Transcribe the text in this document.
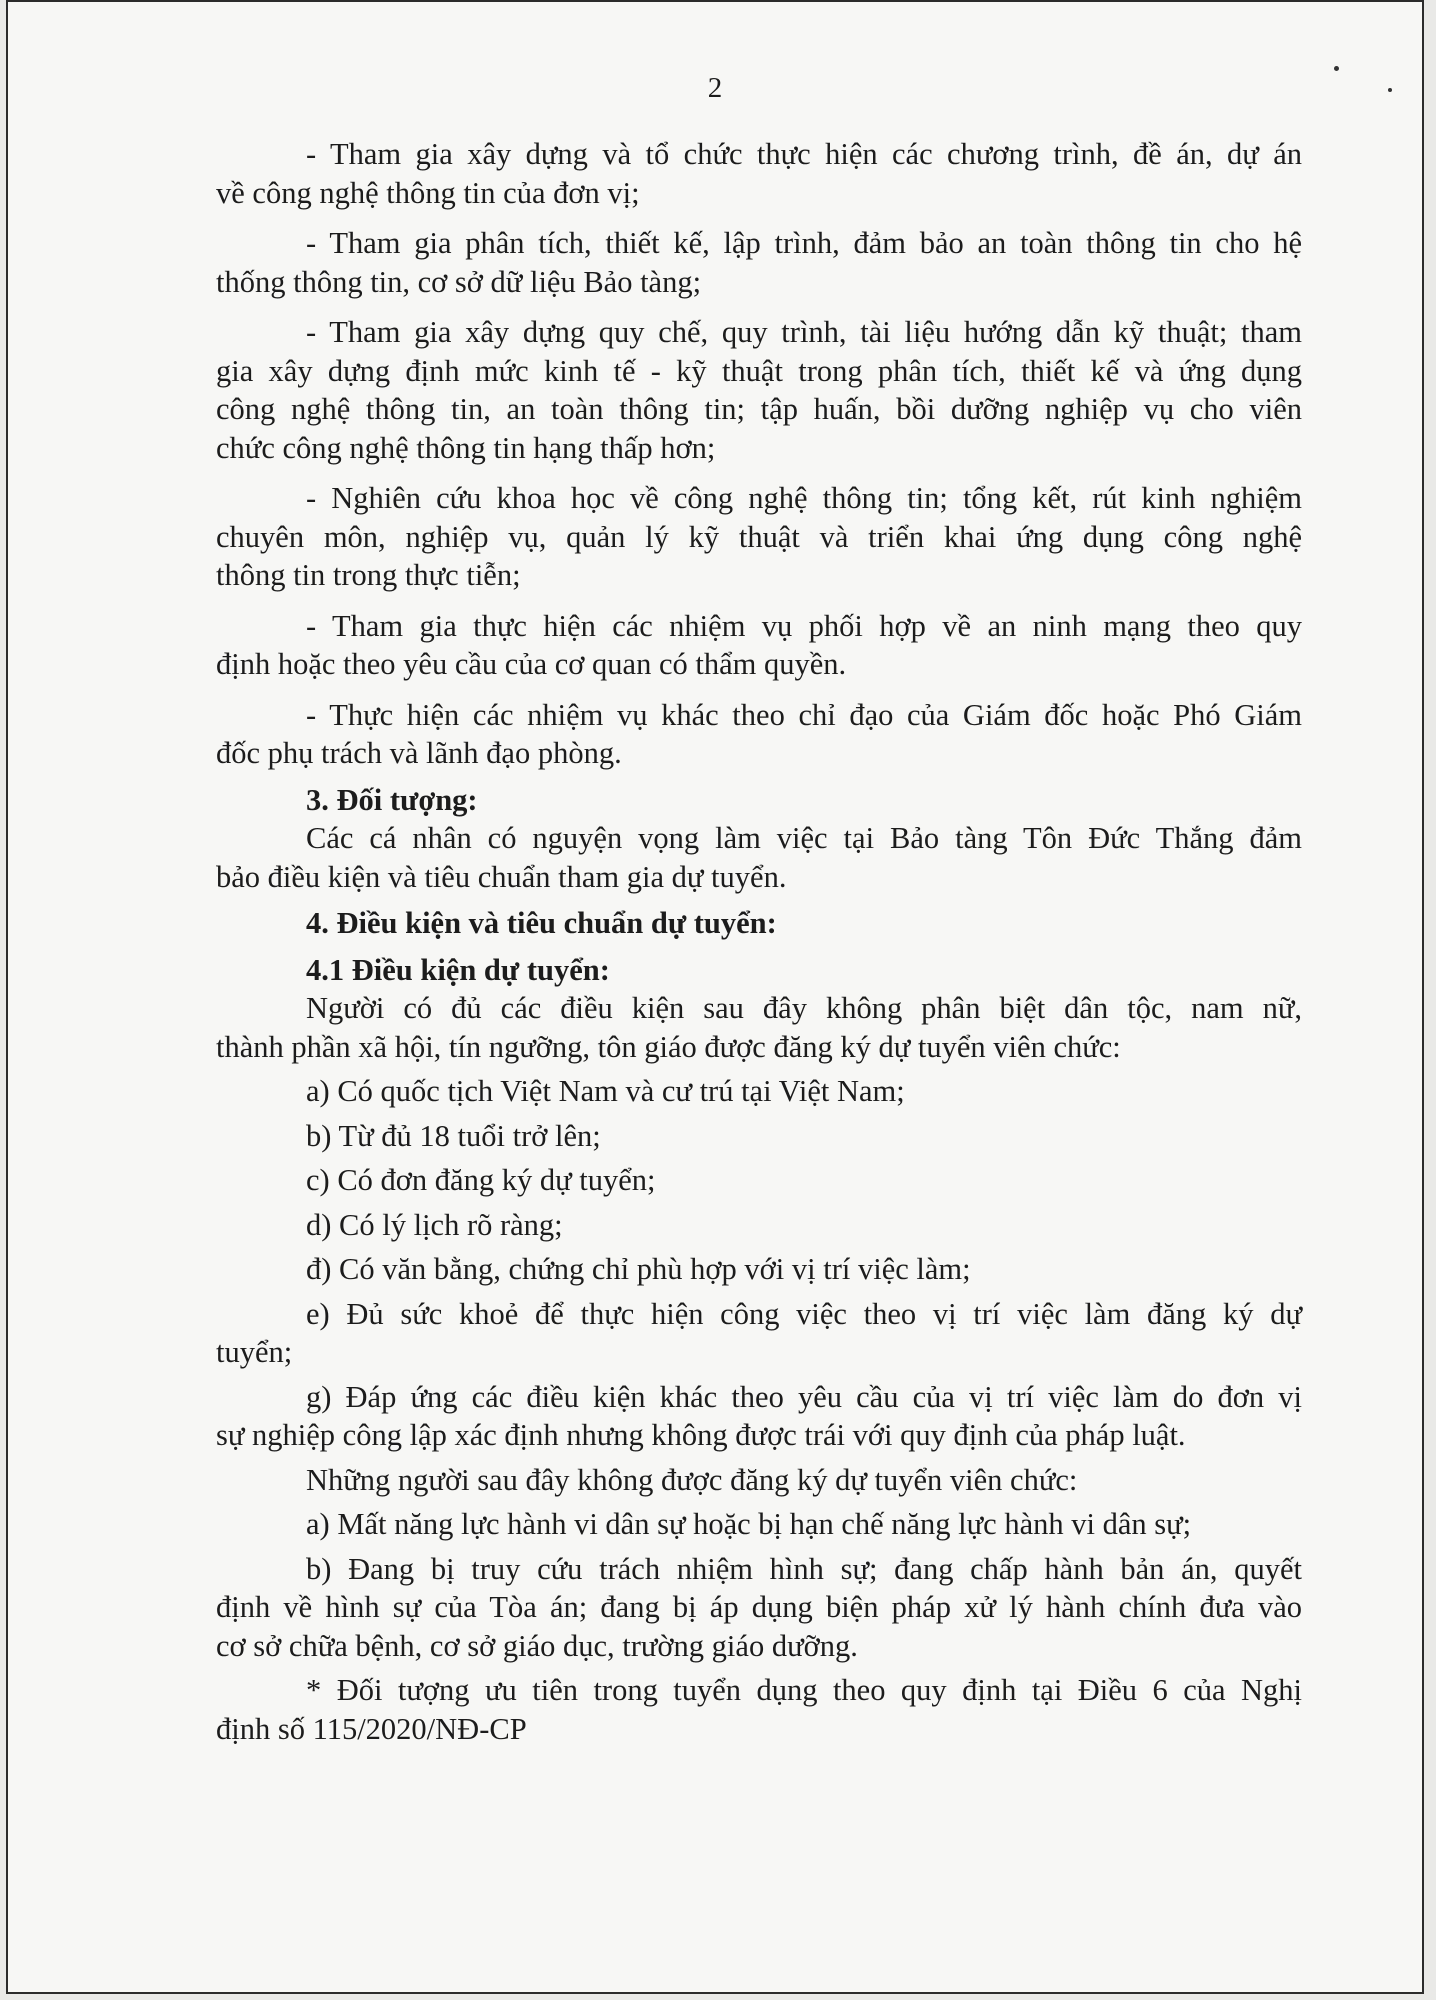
2
- Tham gia xây dựng và tổ chức thực hiện các chương trình, đề án, dự án
về công nghệ thông tin của đơn vị;
- Tham gia phân tích, thiết kế, lập trình, đảm bảo an toàn thông tin cho hệ
thống thông tin, cơ sở dữ liệu Bảo tàng;
- Tham gia xây dựng quy chế, quy trình, tài liệu hướng dẫn kỹ thuật; tham
gia xây dựng định mức kinh tế - kỹ thuật trong phân tích, thiết kế và ứng dụng
công nghệ thông tin, an toàn thông tin; tập huấn, bồi dưỡng nghiệp vụ cho viên
chức công nghệ thông tin hạng thấp hơn;
- Nghiên cứu khoa học về công nghệ thông tin; tổng kết, rút kinh nghiệm
chuyên môn, nghiệp vụ, quản lý kỹ thuật và triển khai ứng dụng công nghệ
thông tin trong thực tiễn;
- Tham gia thực hiện các nhiệm vụ phối hợp về an ninh mạng theo quy
định hoặc theo yêu cầu của cơ quan có thẩm quyền.
- Thực hiện các nhiệm vụ khác theo chỉ đạo của Giám đốc hoặc Phó Giám
đốc phụ trách và lãnh đạo phòng.
3. Đối tượng:
Các cá nhân có nguyện vọng làm việc tại Bảo tàng Tôn Đức Thắng đảm
bảo điều kiện và tiêu chuẩn tham gia dự tuyển.
4. Điều kiện và tiêu chuẩn dự tuyển:
4.1 Điều kiện dự tuyển:
Người có đủ các điều kiện sau đây không phân biệt dân tộc, nam nữ,
thành phần xã hội, tín ngưỡng, tôn giáo được đăng ký dự tuyển viên chức:
a) Có quốc tịch Việt Nam và cư trú tại Việt Nam;
b) Từ đủ 18 tuổi trở lên;
c) Có đơn đăng ký dự tuyển;
d) Có lý lịch rõ ràng;
đ) Có văn bằng, chứng chỉ phù hợp với vị trí việc làm;
e) Đủ sức khoẻ để thực hiện công việc theo vị trí việc làm đăng ký dự
tuyển;
g) Đáp ứng các điều kiện khác theo yêu cầu của vị trí việc làm do đơn vị
sự nghiệp công lập xác định nhưng không được trái với quy định của pháp luật.
Những người sau đây không được đăng ký dự tuyển viên chức:
a) Mất năng lực hành vi dân sự hoặc bị hạn chế năng lực hành vi dân sự;
b) Đang bị truy cứu trách nhiệm hình sự; đang chấp hành bản án, quyết
định về hình sự của Tòa án; đang bị áp dụng biện pháp xử lý hành chính đưa vào
cơ sở chữa bệnh, cơ sở giáo dục, trường giáo dưỡng.
* Đối tượng ưu tiên trong tuyển dụng theo quy định tại Điều 6 của Nghị
định số 115/2020/NĐ-CP
